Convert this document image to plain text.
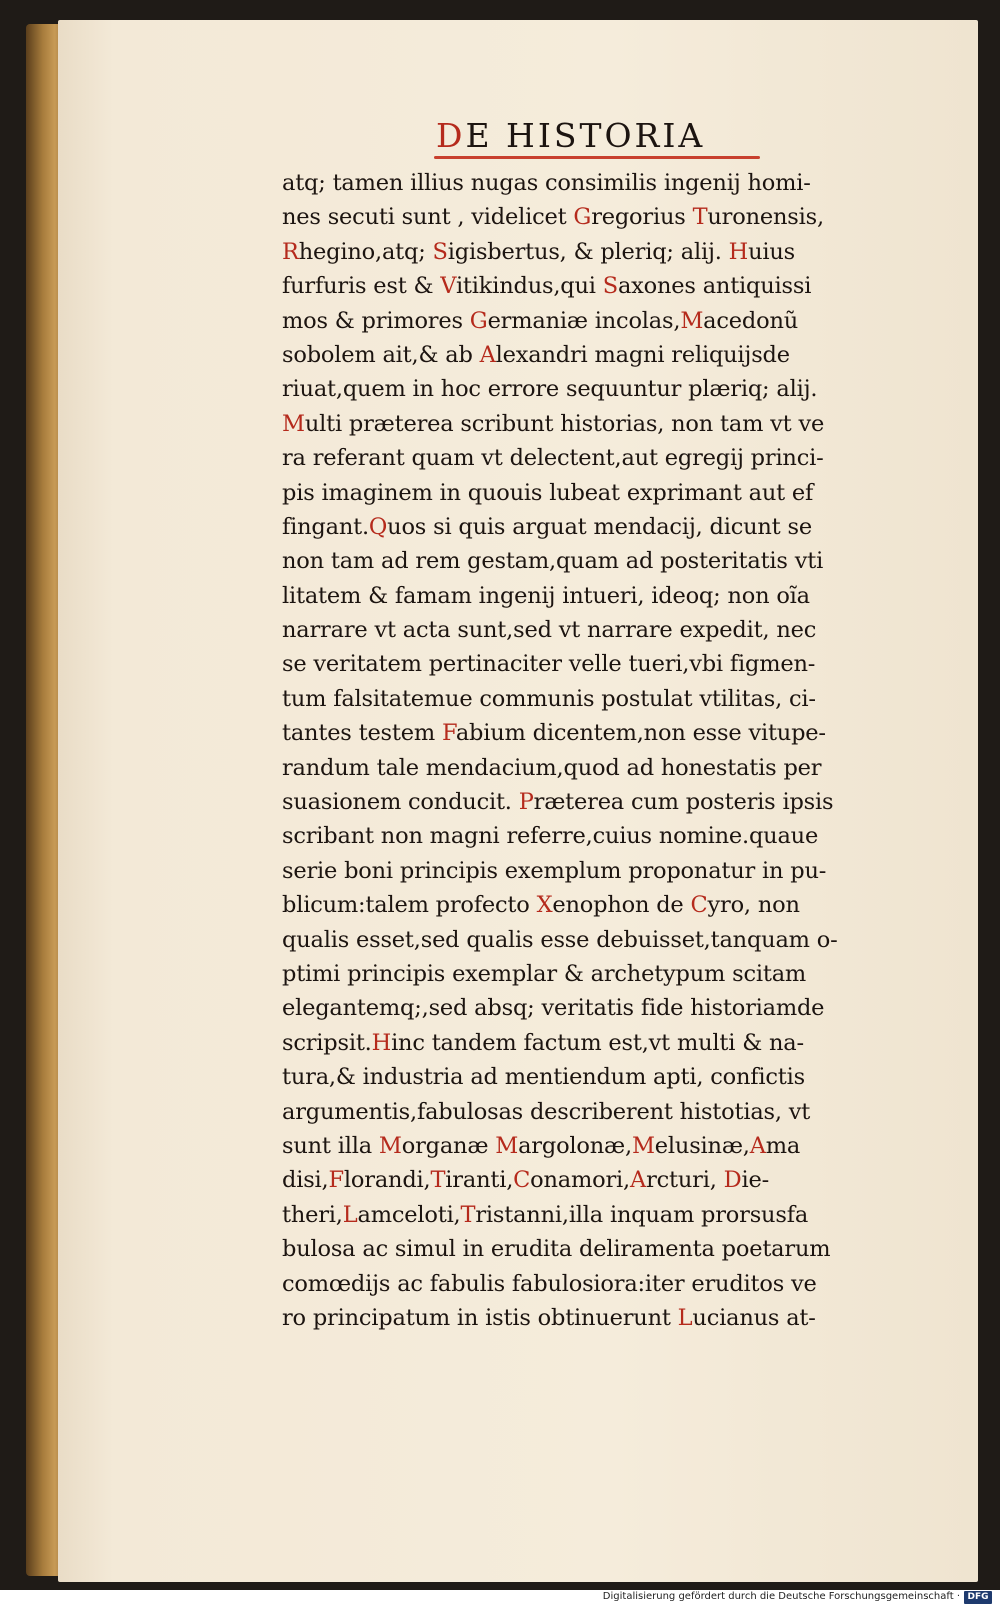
DE HISTORIA
atq; tamen illius nugas consimilis ingenij homi-
nes secuti sunt , videlicet Gregorius Turonensis,
Rhegino,atq; Sigisbertus, & pleriq; alij. Huius
furfuris est & Vitikindus,qui Saxones antiquissi
mos & primores Germaniæ incolas,Macedonũ
sobolem ait,& ab Alexandri magni reliquijsde
riuat,quem in hoc errore sequuntur plæriq; alij.
Multi præterea scribunt historias, non tam vt ve
ra referant quam vt delectent,aut egregij princi-
pis imaginem in quouis lubeat exprimant aut ef
fingant.Quos si quis arguat mendacij, dicunt se
non tam ad rem gestam,quam ad posteritatis vti
litatem & famam ingenij intueri, ideoq; non oĩa
narrare vt acta sunt,sed vt narrare expedit, nec
se veritatem pertinaciter velle tueri,vbi figmen-
tum falsitatemue communis postulat vtilitas, ci-
tantes testem Fabium dicentem,non esse vitupe-
randum tale mendacium,quod ad honestatis per
suasionem conducit. Præterea cum posteris ipsis
scribant non magni referre,cuius nomine.quaue
serie boni principis exemplum proponatur in pu-
blicum:talem profecto Xenophon de Cyro, non
qualis esset,sed qualis esse debuisset,tanquam o-
ptimi principis exemplar & archetypum scitam
elegantemq;,sed absq; veritatis fide historiamde
scripsit.Hinc tandem factum est,vt multi & na-
tura,& industria ad mentiendum apti, confictis
argumentis,fabulosas describerent histotias, vt
sunt illa Morganæ Margolonæ,Melusinæ,Ama
disi,Florandi,Tiranti,Conamori,Arcturi, Die-
theri,Lamceloti,Tristanni,illa inquam prorsusfa
bulosa ac simul in erudita deliramenta poetarum
comœdijs ac fabulis fabulosiora:iter eruditos ve
ro principatum in istis obtinuerunt Lucianus at-
Digitalisierung gefördert durch die Deutsche Forschungsgemeinschaft · DFG
